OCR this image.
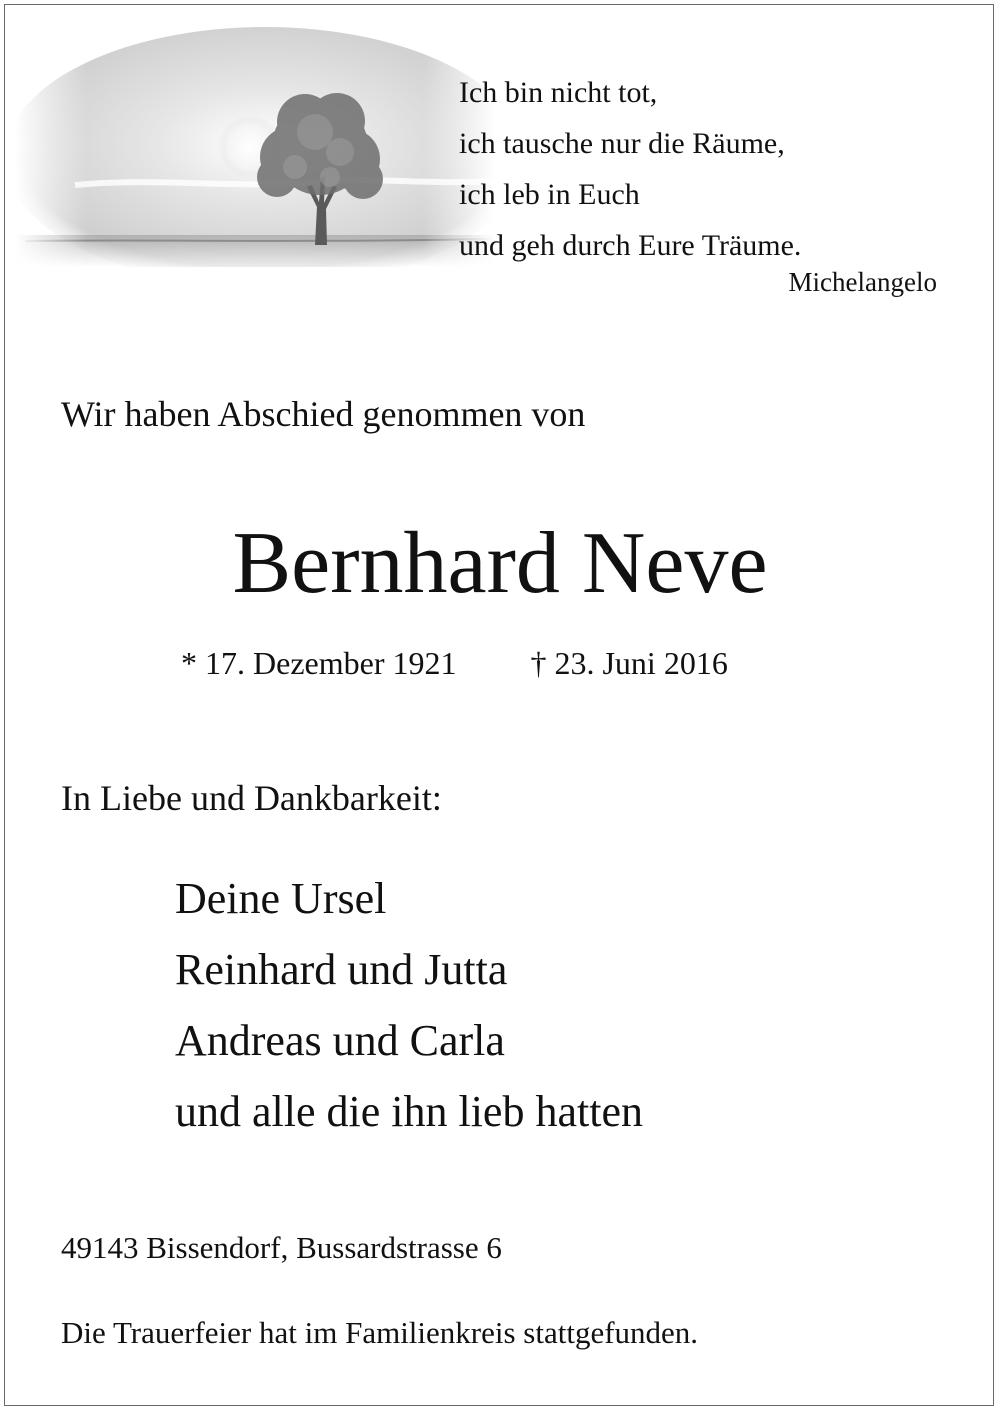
Ich bin nicht tot,
ich tausche nur die Räume,
ich leb in Euch
und geh durch Eure Träume.
Michelangelo
Wir haben Abschied genommen von
Bernhard Neve
* 17. Dezember 1921 † 23. Juni 2016
In Liebe und Dankbarkeit:
Deine Ursel
Reinhard und Jutta
Andreas und Carla
und alle die ihn lieb hatten
49143 Bissendorf, Bussardstrasse 6
Die Trauerfeier hat im Familienkreis stattgefunden.
